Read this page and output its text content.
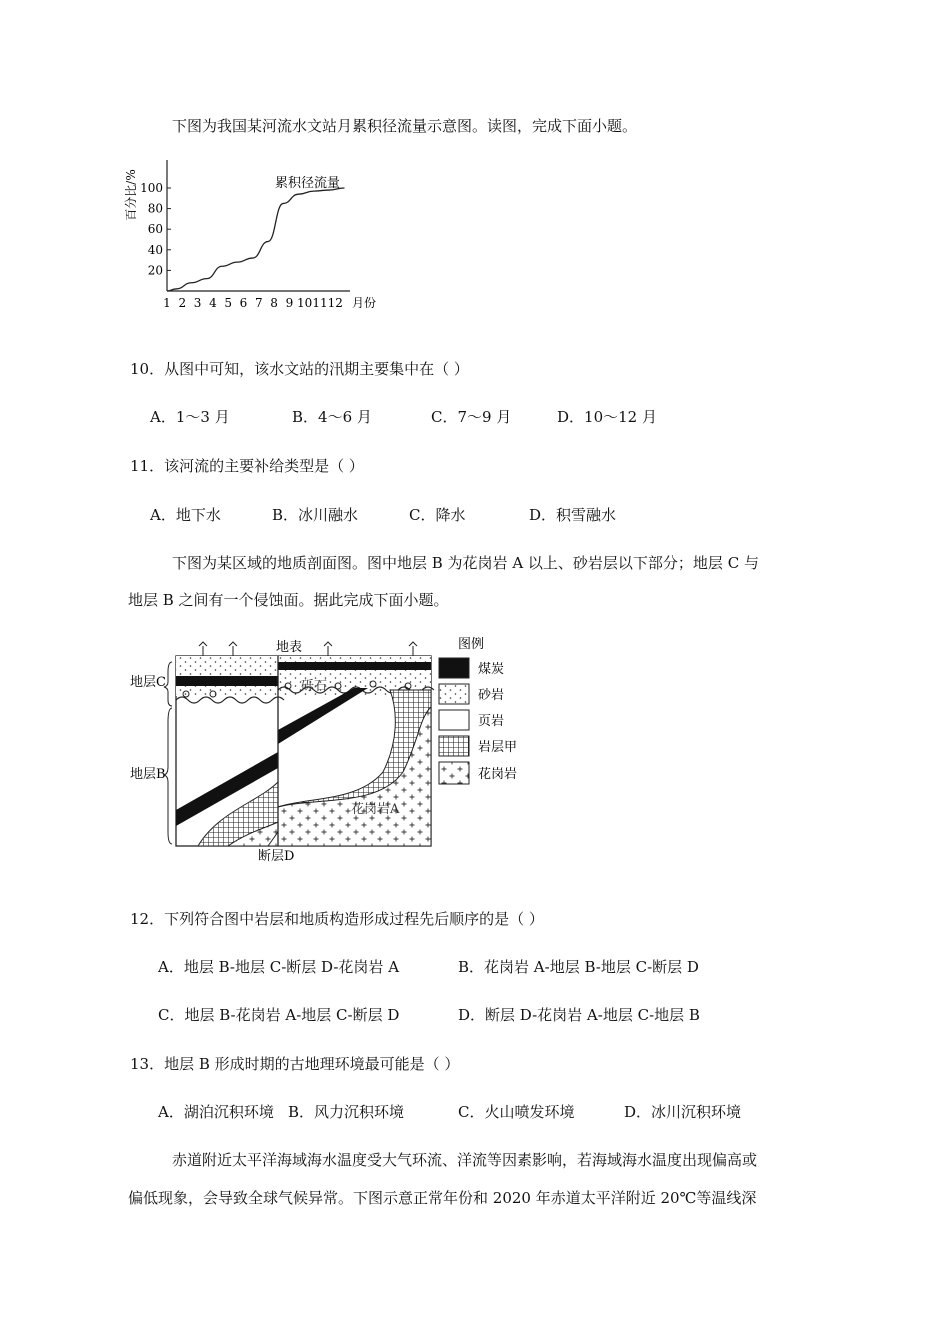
下图为我国某河流水文站月累积径流量示意图。读图，完成下面小题。
百分比/%
20
40
60
80
100
1 2 3 4 5 6 7 8 9 10 11 12
累积径流量
月份
10．从图中可知，该水文站的汛期主要集中在（ ）
A．1～3 月	B．4～6 月	C．7～9 月	D．10～12 月
11．该河流的主要补给类型是（ ）
A．地下水	B．冰川融水	C．降水	D．积雪融水
下图为某区域的地质剖面图。图中地层 B 为花岗岩 A 以上、砂岩层以下部分；地层 C 与
地层 B 之间有一个侵蚀面。据此完成下面小题。
地表
地层C
地层B
砾石
花岗岩A
断层D
图例
煤炭
砂岩
页岩
岩层甲
花岗岩
12．下列符合图中岩层和地质构造形成过程先后顺序的是（ ）
A．地层 B-地层 C-断层 D-花岗岩 A	B．花岗岩 A-地层 B-地层 C-断层 D
C．地层 B-花岗岩 A-地层 C-断层 D	D．断层 D-花岗岩 A-地层 C-地层 B
13．地层 B 形成时期的古地理环境最可能是（ ）
A．湖泊沉积环境 B．风力沉积环境	C．火山喷发环境	D．冰川沉积环境
赤道附近太平洋海域海水温度受大气环流、洋流等因素影响，若海域海水温度出现偏高或
偏低现象，会导致全球气候异常。下图示意正常年份和 2020 年赤道太平洋附近 20℃等温线深
